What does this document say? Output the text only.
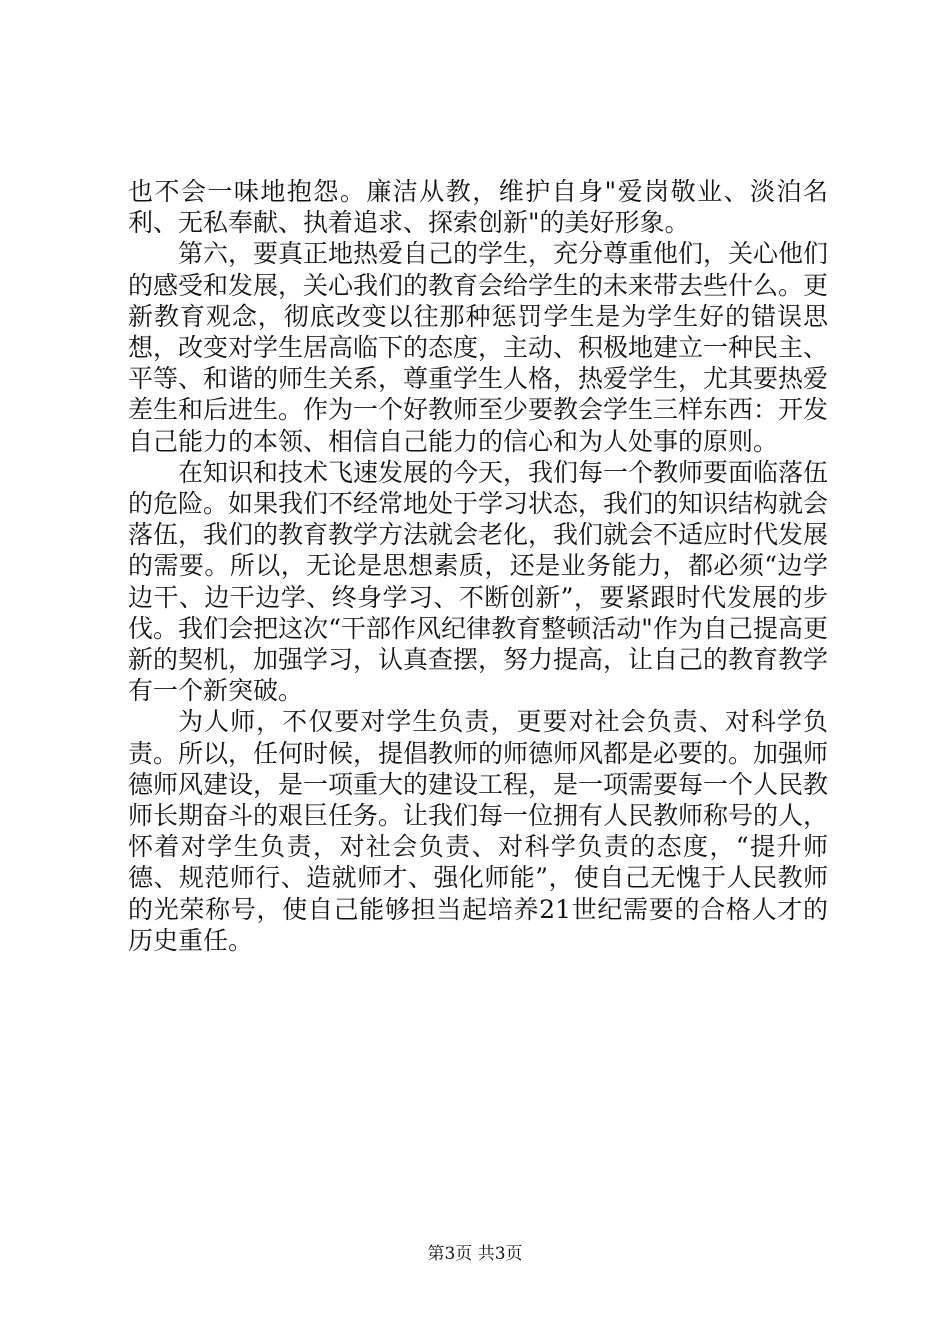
也不会一味地抱怨。廉洁从教，维护自身"爱岗敬业、淡泊名利、无私奉献、执着追求、探索创新"的美好形象。

第六，要真正地热爱自己的学生，充分尊重他们，关心他们的感受和发展，关心我们的教育会给学生的未来带去些什么。更新教育观念，彻底改变以往那种惩罚学生是为学生好的错误思想，改变对学生居高临下的态度，主动、积极地建立一种民主、平等、和谐的师生关系，尊重学生人格，热爱学生，尤其要热爱差生和后进生。作为一个好教师至少要教会学生三样东西：开发自己能力的本领、相信自己能力的信心和为人处事的原则。

在知识和技术飞速发展的今天，我们每一个教师要面临落伍的危险。如果我们不经常地处于学习状态，我们的知识结构就会落伍，我们的教育教学方法就会老化，我们就会不适应时代发展的需要。所以，无论是思想素质，还是业务能力，都必须“边学边干、边干边学、终身学习、不断创新”，要紧跟时代发展的步伐。我们会把这次“干部作风纪律教育整顿活动"作为自己提高更新的契机，加强学习，认真查摆，努力提高，让自己的教育教学有一个新突破。

为人师，不仅要对学生负责，更要对社会负责、对科学负责。所以，任何时候，提倡教师的师德师风都是必要的。加强师德师风建设，是一项重大的建设工程，是一项需要每一个人民教师长期奋斗的艰巨任务。让我们每一位拥有人民教师称号的人，怀着对学生负责，对社会负责、对科学负责的态度，“提升师德、规范师行、造就师才、强化师能”，使自己无愧于人民教师的光荣称号，使自己能够担当起培养21世纪需要的合格人才的历史重任。

第3页 共3页
